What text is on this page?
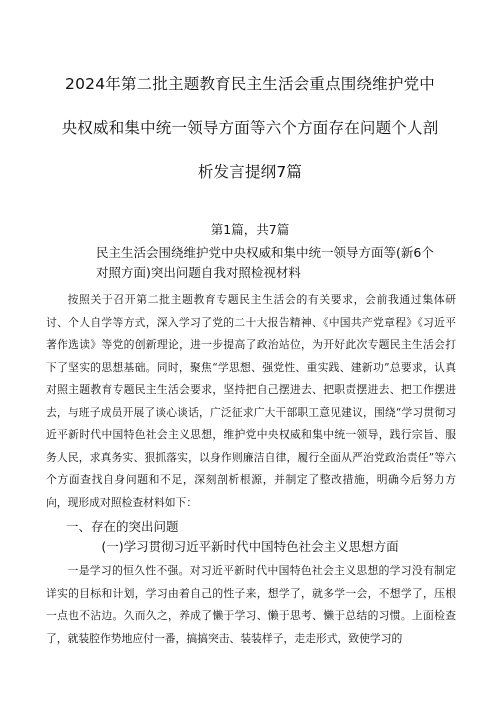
2024年第二批主题教育民主生活会重点围绕维护党中
央权威和集中统一领导方面等六个方面存在问题个人剖
析发言提纲7篇
第1篇，共7篇
民主生活会围绕维护党中央权威和集中统一领导方面等(新6个
对照方面)突出问题自我对照检视材料
按照关于召开第二批主题教育专题民主生活会的有关要求，会前我通过集体研讨、个人自学等方式，深入学习了党的二十大报告精神、《中国共产党章程》《习近平著作选读》等党的创新理论，进一步提高了政治站位，为开好此次专题民主生活会打下了坚实的思想基础。同时，聚焦“学思想、强党性、重实践、建新功”总要求，认真对照主题教育专题民主生活会要求，坚持把自己摆进去、把职责摆进去、把工作摆进去，与班子成员开展了谈心谈话，广泛征求广大干部职工意见建议，围绕“学习贯彻习近平新时代中国特色社会主义思想，维护党中央权威和集中统一领导，践行宗旨、服务人民，求真务实、狠抓落实，以身作则廉洁自律，履行全面从严治党政治责任”等六个方面查找自身问题和不足，深刻剖析根源，并制定了整改措施，明确今后努力方向，现形成对照检查材料如下：
一、存在的突出问题
(一)学习贯彻习近平新时代中国特色社会主义思想方面
一是学习的恒久性不强。对习近平新时代中国特色社会主义思想的学习没有制定详实的目标和计划，学习由着自己的性子来，想学了，就多学一会，不想学了，压根一点也不沾边。久而久之，养成了懒于学习、懒于思考、懒于总结的习惯。上面检查了，就装腔作势地应付一番，搞搞突击、装装样子，走走形式，致使学习的
